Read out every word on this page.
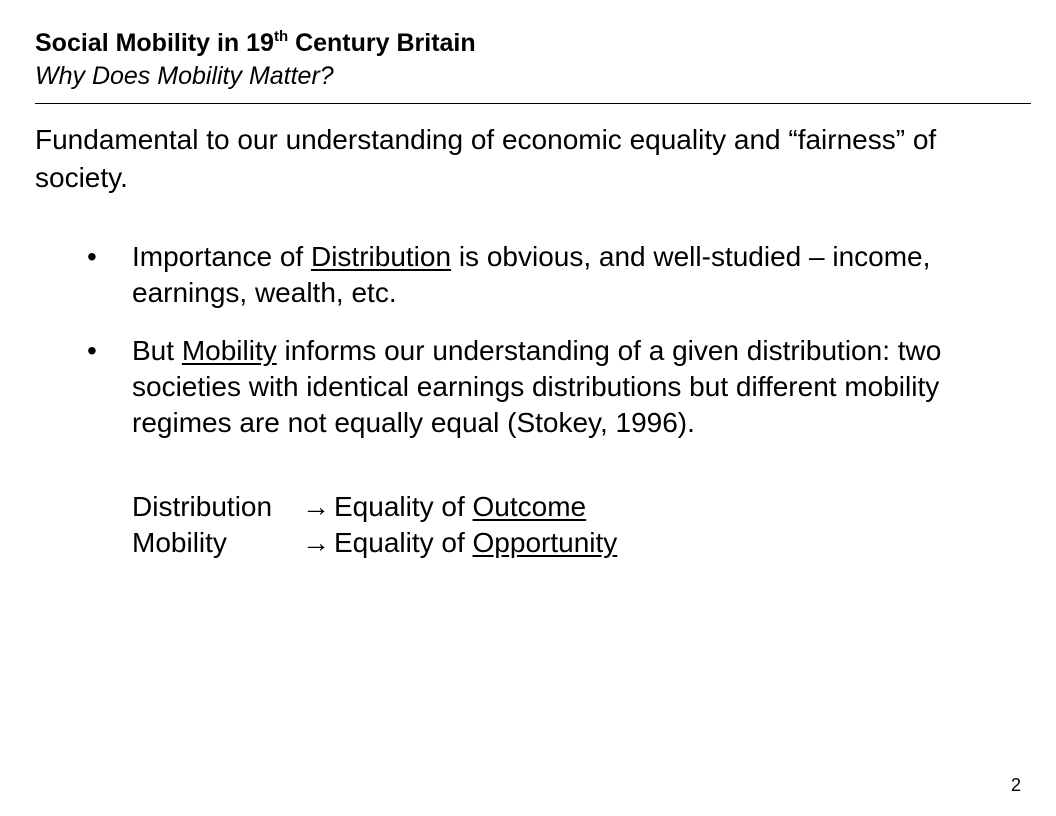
Social Mobility in 19th Century Britain
Why Does Mobility Matter?
Fundamental to our understanding of economic equality and “fairness” of society.
•	Importance of Distribution is obvious, and well-studied – income, earnings, wealth, etc.
•	But Mobility informs our understanding of a given distribution: two societies with identical earnings distributions but different mobility regimes are not equally equal (Stokey, 1996).
Distribution	→ Equality of Outcome
Mobility	→ Equality of Opportunity
2
